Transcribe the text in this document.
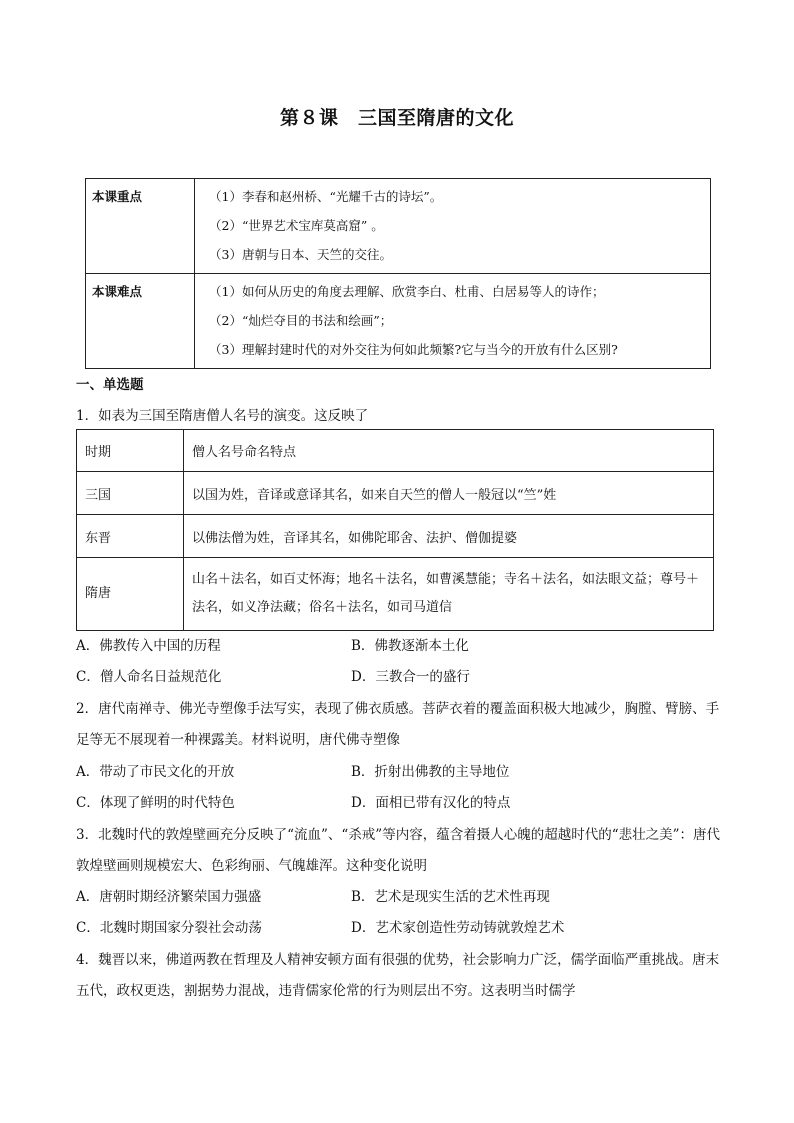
第８课　三国至隋唐的文化
本课重点	（1）李春和赵州桥、“光耀千古的诗坛”。
（2）“世界艺术宝库莫高窟” 。
（3）唐朝与日本、天竺的交往。

本课难点	（1）如何从历史的角度去理解、欣赏李白、杜甫、白居易等人的诗作；
（2）“灿烂夺目的书法和绘画”；
（3）理解封建时代的对外交往为何如此频繁?它与当今的开放有什么区别?
一、单选题

1．如表为三国至隋唐僧人名号的演变。这反映了

时期	僧人名号命名特点
三国	以国为姓，音译或意译其名，如来自天竺的僧人一般冠以“竺”姓
东晋	以佛法僧为姓，音译其名，如佛陀耶舍、法护、僧伽提婆
隋唐	山名＋法名，如百丈怀海；地名＋法名，如曹溪慧能；寺名＋法名，如法眼文益；尊号＋法名，如义净法藏；俗名＋法名，如司马道信
A．佛教传入中国的历程	B．佛教逐渐本土化
C．僧人命名日益规范化	D．三教合一的盛行

2．唐代南禅寺、佛光寺塑像手法写实，表现了佛衣质感。菩萨衣着的覆盖面积极大地减少，胸膛、臂膀、手足等无不展现着一种裸露美。材料说明，唐代佛寺塑像

A．带动了市民文化的开放	B．折射出佛教的主导地位
C．体现了鲜明的时代特色	D．面相已带有汉化的特点

3．北魏时代的敦煌壁画充分反映了“流血”、“杀戒”等内容，蕴含着摄人心魄的超越时代的“悲壮之美”：唐代敦煌壁画则规模宏大、色彩绚丽、气魄雄浑。这种变化说明

A．唐朝时期经济繁荣国力强盛	B．艺术是现实生活的艺术性再现
C．北魏时期国家分裂社会动荡	D．艺术家创造性劳动铸就敦煌艺术

4．魏晋以来，佛道两教在哲理及人精神安顿方面有很强的优势，社会影响力广泛，儒学面临严重挑战。唐末五代，政权更迭，割据势力混战，违背儒家伦常的行为则层出不穷。这表明当时儒学
